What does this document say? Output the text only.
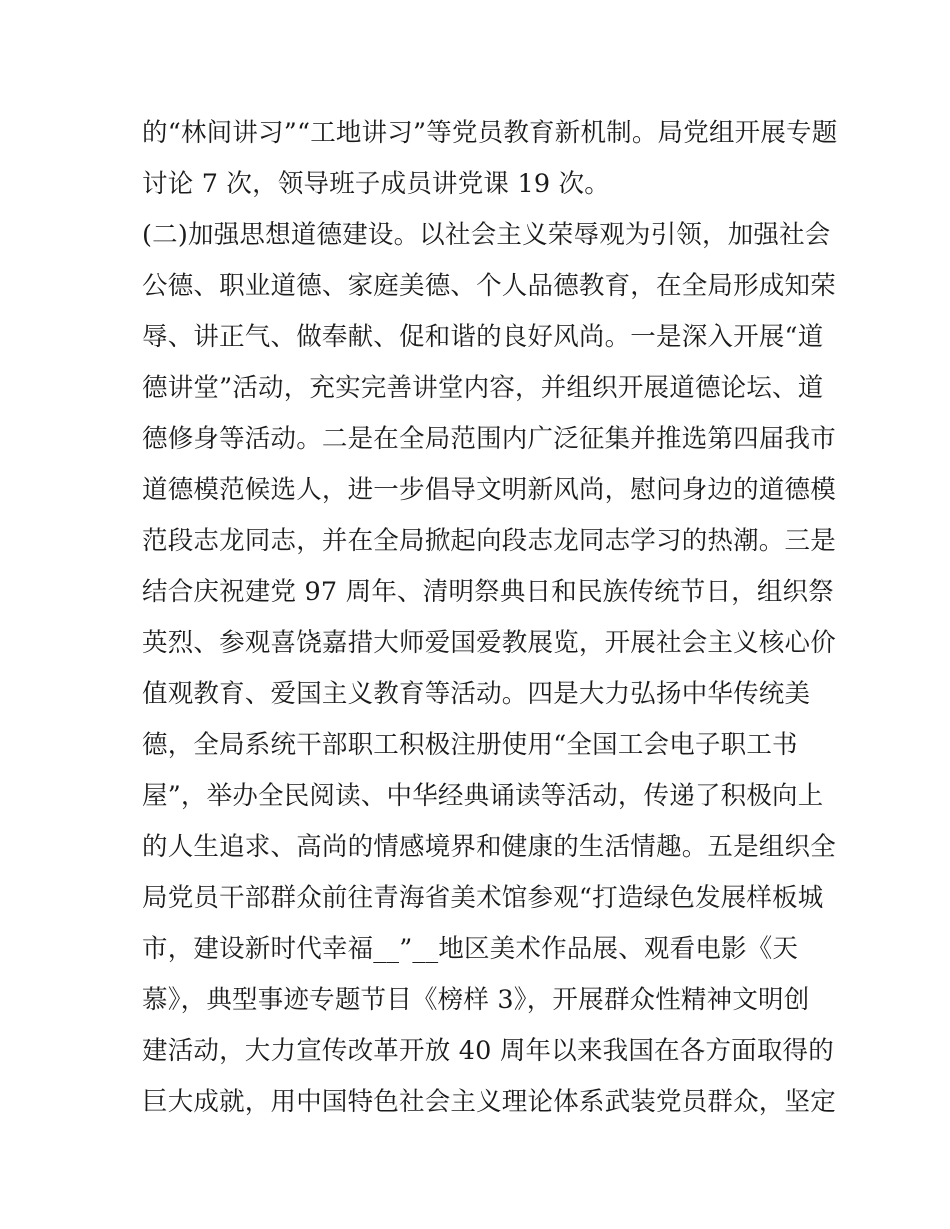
的“林间讲习”“工地讲习”等党员教育新机制。局党组开展专题
讨论 7 次，领导班子成员讲党课 19 次。
(二)加强思想道德建设。以社会主义荣辱观为引领，加强社会
公德、职业道德、家庭美德、个人品德教育，在全局形成知荣
辱、讲正气、做奉献、促和谐的良好风尚。一是深入开展“道
德讲堂”活动，充实完善讲堂内容，并组织开展道德论坛、道
德修身等活动。二是在全局范围内广泛征集并推选第四届我市
道德模范候选人，进一步倡导文明新风尚，慰问身边的道德模
范段志龙同志，并在全局掀起向段志龙同志学习的热潮。三是
结合庆祝建党 97 周年、清明祭典日和民族传统节日，组织祭
英烈、参观喜饶嘉措大师爱国爱教展览，开展社会主义核心价
值观教育、爱国主义教育等活动。四是大力弘扬中华传统美
德，全局系统干部职工积极注册使用“全国工会电子职工书
屋”，举办全民阅读、中华经典诵读等活动，传递了积极向上
的人生追求、高尚的情感境界和健康的生活情趣。五是组织全
局党员干部群众前往青海省美术馆参观“打造绿色发展样板城
市，建设新时代幸福__”__地区美术作品展、观看电影《天
慕》，典型事迹专题节目《榜样 3》，开展群众性精神文明创
建活动，大力宣传改革开放 40 周年以来我国在各方面取得的
巨大成就，用中国特色社会主义理论体系武装党员群众，坚定
